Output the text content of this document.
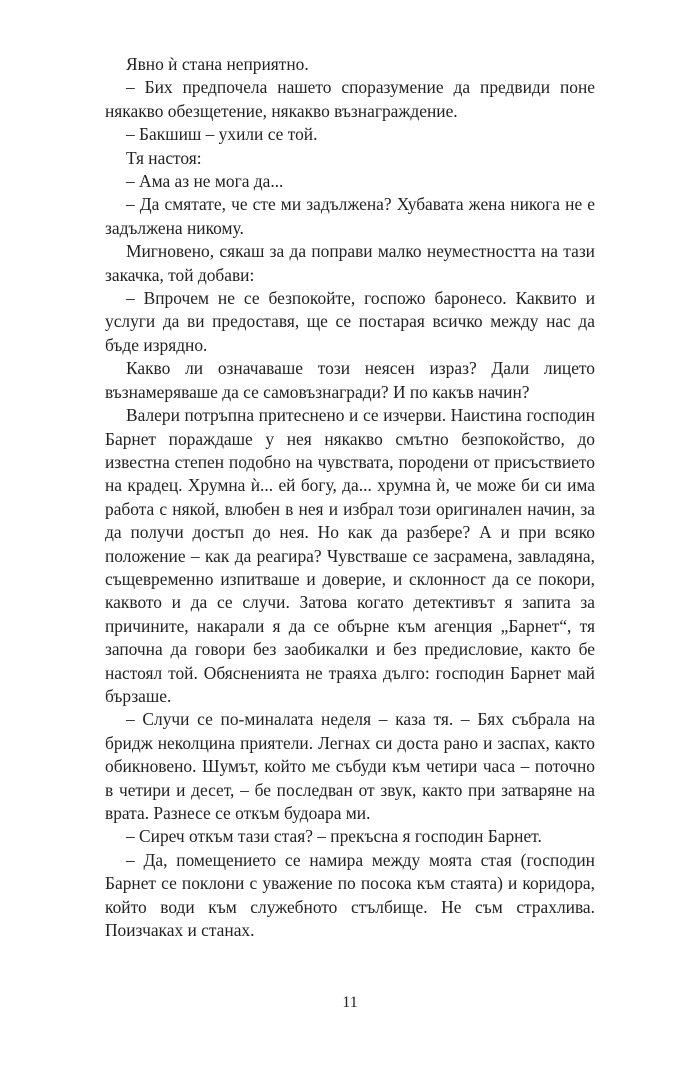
Явно ѝ стана неприятно.

– Бих предпочела нашето споразумение да предвиди поне някакво обезщетение, някакво възнаграждение.

– Бакшиш – ухили се той.

Тя настоя:

– Ама аз не мога да...

– Да смятате, че сте ми задължена? Хубавата жена никога не е задължена никому.

Мигновено, сякаш за да поправи малко неуместността на тази закачка, той добави:

– Впрочем не се безпокойте, госпожо баронесо. Каквито и услуги да ви предоставя, ще се постарая всичко между нас да бъде изрядно.

Какво ли означаваше този неясен израз? Дали лицето възнамеряваше да се самовъзнагради? И по какъв начин?

Валери потръпна притеснено и се изчерви. Наистина господин Барнет пораждаше у нея някакво смътно безпокойство, до известна степен подобно на чувствата, породени от присъствието на крадец. Хрумна ѝ... ей богу, да... хрумна ѝ, че може би си има работа с някой, влюбен в нея и избрал този оригинален начин, за да получи достъп до нея. Но как да разбере? А и при всяко положение – как да реагира? Чувстваше се засрамена, завладяна, същевременно изпитваше и доверие, и склонност да се покори, каквото и да се случи. Затова когато детективът я запита за причините, накарали я да се обърне към агенция „Барнет“, тя започна да говори без заобикалки и без предисловие, както бе настоял той. Обясненията не траяха дълго: господин Барнет май бързаше.

– Случи се по-миналата неделя – каза тя. – Бях събрала на бридж неколцина приятели. Легнах си доста рано и заспах, както обикновено. Шумът, който ме събуди към четири часа – поточно в четири и десет, – бе последван от звук, както при затваряне на врата. Разнесе се откъм будоара ми.

– Сиреч откъм тази стая? – прекъсна я господин Барнет.

– Да, помещението се намира между моята стая (господин Барнет се поклони с уважение по посока към стаята) и коридора, който води към служебното стълбище. Не съм страхлива. Поизчаках и станах.

11
